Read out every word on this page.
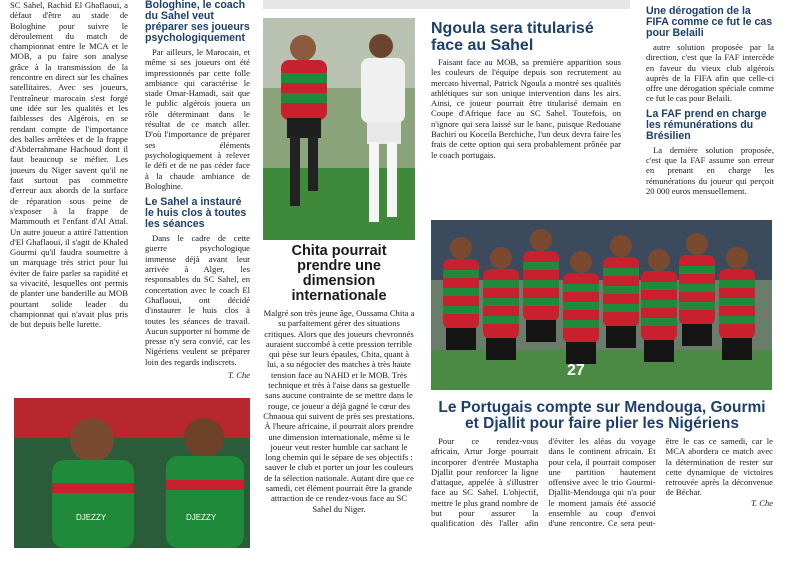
SC Sahel, Rachid El Ghaflaoui, a défaut d'être au stade de Bologhine pour suivre le déroulement du match de championnat entre le MCA et le MOB, a pu faire son analyse grâce à la transmission de la rencontre en direct sur les chaînes satellitaires. Avec ses joueurs, l'entraîneur marocain s'est forgé une idée sur les qualités et les faiblesses des Algérois, en se rendant compte de l'importance des balles arrêtées et de la frappe d'Abderrahmane Hachoud dont il faut beaucoup se méfier. Les joueurs du Niger savent qu'il ne faut surtout pas commettre d'erreur aux abords de la surface de réparation sous peine de s'exposer à la frappe de Mammouth et l'enfant d'Al Attal. Un autre joueur a attiré l'attention d'El Ghaflaoui, il s'agit de Khaled Gourmi qu'il faudra soumettre à un marquage très strict pour lui éviter de faire parler sa rapidité et sa vivacité, lesquelles ont permis de planter une banderille au MOB pourtant solide leader du championnat qui n'avait plus pris de but depuis belle lurette.

Bologhine, le coach du Sahel veut préparer ses joueurs psychologiquement

Par ailleurs, le Marocain, et même si ses joueurs ont été impressionnés par cette folle ambiance qui caractérise le stade Omar-Hamadi, sait que le public algérois jouera un rôle déterminant dans le résultat de ce match aller. D'où l'importance de préparer ses éléments psychologiquement à relever le défi et de ne pas céder face à la chaude ambiance de Bologhine.

Le Sahel a instauré le huis clos à toutes les séances

Dans le cadre de cette guerre psychologique immense déjà avant leur arrivée à Alger, les responsables du SC Sahel, en concertation avec le coach El Ghaflaoui, ont décidé d'instaurer le huis clos à toutes les séances de travail. Aucun supporter ni homme de presse n'y sera convié, car les Nigériens veulent se préparer loin des regards indiscrets.

T. Che
Chita pourrait prendre une dimension internationale

Malgré son très jeune âge, Oussama Chita a su parfaitement gérer des situations critiques. Alors que des joueurs chevronnés auraient succombé à cette pression terrible qui pèse sur leurs épaules, Chita, quant à lui, a su négocier des matches à très haute tension face au NAHD et le MOB. Très technique et très à l'aise dans sa gestuelle sans aucune contrainte de se mettre dans le rouge, ce joueur a déjà gagné le cœur des Chnaoua qui suivent de près ses prestations. À l'heure africaine, il pourrait alors prendre une dimension internationale, même si le joueur veut rester humble car sachant le long chemin qui le sépare de ses objectifs : sauver le club et porter un jour les couleurs de la sélection nationale. Autant dire que ce samedi, cet élément pourrait être la grande attraction de ce rendez-vous face au SC Sahel du Niger.

Ngoula sera titularisé face au Sahel

Faisant face au MOB, sa première apparition sous les couleurs de l'équipe depuis son recrutement au mercato hivernal, Patrick Ngoula a montré ses qualités athlétiques sur son unique intervention dans les airs. Ainsi, ce joueur pourrait être titularisé demain en Coupe d'Afrique face au SC Sahel. Toutefois, on n'ignore qui sera laissé sur le banc, puisque Redouane Bachiri ou Koceila Berchiche, l'un deux devra faire les frais de cette option qui sera probablement prônée par le coach portugais.

Une dérogation de la FIFA comme ce fut le cas pour Belaili

autre solution proposée par la direction, c'est que la FAF intercède en faveur du vieux club algérois auprès de la FIFA afin que celle-ci offre une dérogation spéciale comme ce fut le cas pour Belaili.

La FAF prend en charge les rémunérations du Brésilien

La dernière solution proposée, c'est que la FAF assume son erreur en prenant en charge les rémunérations du joueur qui perçoit 20 000 euros mensuellement.

27
DJEZZY	DJEZZY
Le Portugais compte sur Mendouga, Gourmi et Djallit pour faire plier les Nigériens

Pour ce rendez-vous africain, Artur Jorge pourrait incorporer d'entrée Mustapha Djallit pour renforcer la ligne d'attaque, appelée à s'illustrer face au SC Sahel. L'objectif, mettre le plus grand nombre de but pour assurer la qualification dès l'aller afin d'éviter les aléas du voyage dans le continent africain. Et pour cela, il pourrait composer une partition hautement offensive avec le trio Gourmi-Djallit-Mendouga qui n'a pour le moment jamais été associé ensemble au coup d'envoi d'une rencontre. Ce sera peut-être le cas ce samedi, car le MCA abordera ce match avec la détermination de rester sur cette dynamique de victoires retrouvée après la déconvenue de Béchar.

T. Che
